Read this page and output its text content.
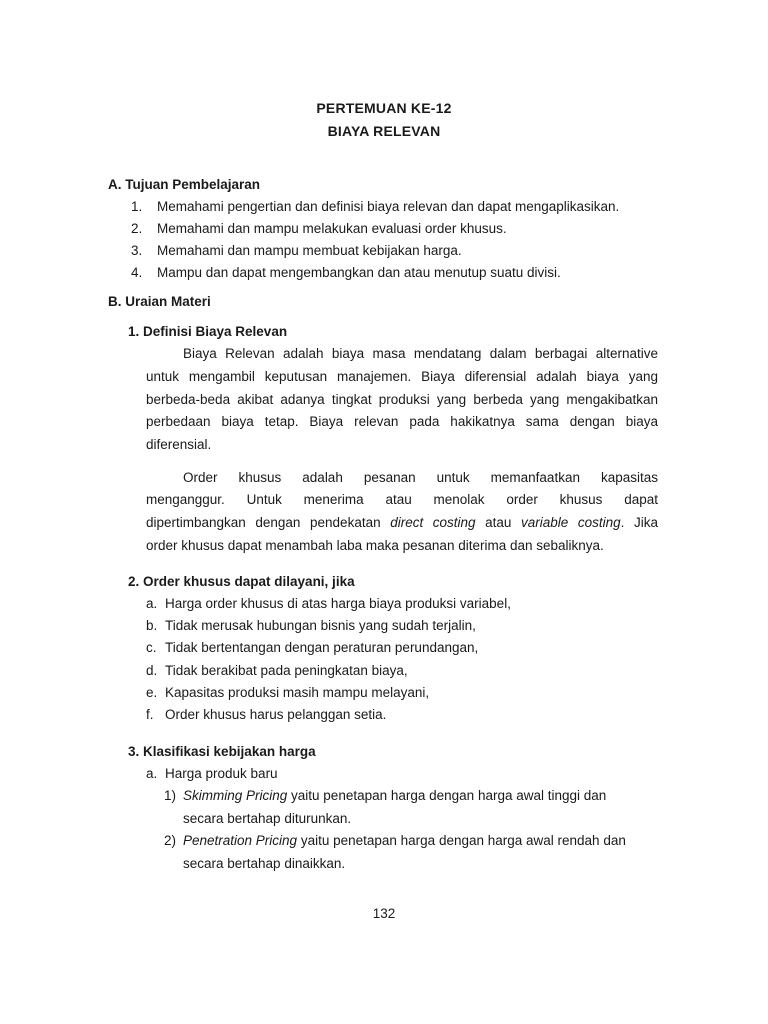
PERTEMUAN KE-12
BIAYA RELEVAN
A. Tujuan Pembelajaran
1. Memahami pengertian dan definisi biaya relevan dan dapat mengaplikasikan.
2. Memahami dan mampu melakukan evaluasi order khusus.
3. Memahami dan mampu membuat kebijakan harga.
4. Mampu dan dapat mengembangkan dan atau menutup suatu divisi.
B. Uraian Materi
1. Definisi Biaya Relevan
Biaya Relevan adalah biaya masa mendatang dalam berbagai alternative
untuk mengambil keputusan manajemen. Biaya diferensial adalah biaya yang
berbeda-beda akibat adanya tingkat produksi yang berbeda yang mengakibatkan
perbedaan biaya tetap. Biaya relevan pada hakikatnya sama dengan biaya
diferensial.
Order khusus adalah pesanan untuk memanfaatkan kapasitas
menganggur. Untuk menerima atau menolak order khusus dapat
dipertimbangkan dengan pendekatan direct costing atau variable costing. Jika
order khusus dapat menambah laba maka pesanan diterima dan sebaliknya.
2. Order khusus dapat dilayani, jika
a. Harga order khusus di atas harga biaya produksi variabel,
b. Tidak merusak hubungan bisnis yang sudah terjalin,
c. Tidak bertentangan dengan peraturan perundangan,
d. Tidak berakibat pada peningkatan biaya,
e. Kapasitas produksi masih mampu melayani,
f. Order khusus harus pelanggan setia.
3. Klasifikasi kebijakan harga
a. Harga produk baru
1) Skimming Pricing yaitu penetapan harga dengan harga awal tinggi dan
secara bertahap diturunkan.
2) Penetration Pricing yaitu penetapan harga dengan harga awal rendah dan
secara bertahap dinaikkan.
132
